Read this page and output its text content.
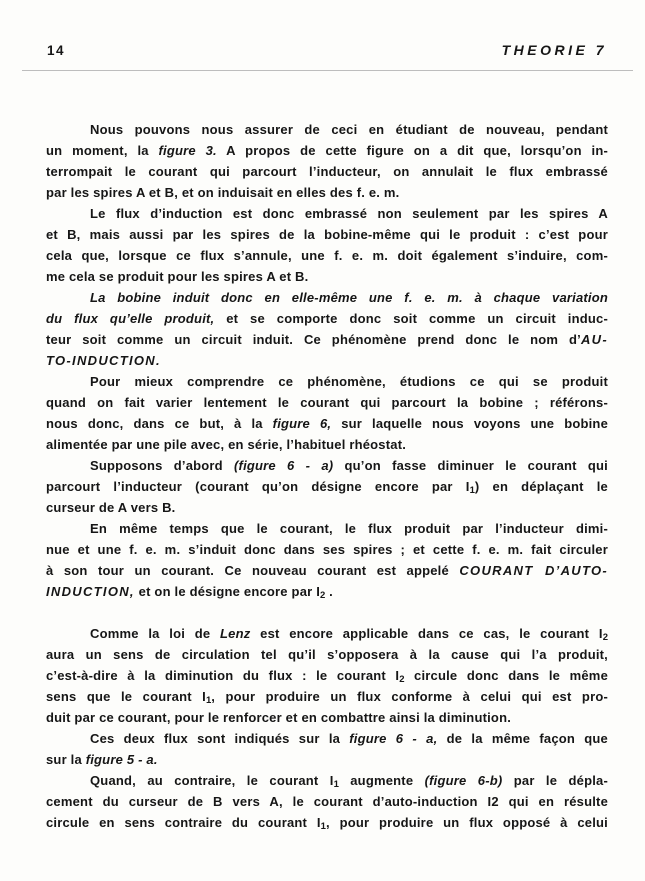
14	THEORIE 7
Nous pouvons nous assurer de ceci en étudiant de nouveau, pendant
un moment, la figure 3. A propos de cette figure on a dit que, lorsqu’on in-
terrompait le courant qui parcourt l’inducteur, on annulait le flux embrassé
par les spires A et B, et on induisait en elles des f. e. m.
Le flux d’induction est donc embrassé non seulement par les spires A
et B, mais aussi par les spires de la bobine-même qui le produit : c’est pour
cela que, lorsque ce flux s’annule, une f. e. m. doit également s’induire, com-
me cela se produit pour les spires A et B.
La bobine induit donc en elle-même une f. e. m. à chaque variation
du flux qu’elle produit, et se comporte donc soit comme un circuit induc-
teur soit comme un circuit induit. Ce phénomène prend donc le nom d’AU-
TO-INDUCTION.
Pour mieux comprendre ce phénomène, étudions ce qui se produit
quand on fait varier lentement le courant qui parcourt la bobine ; référons-
nous donc, dans ce but, à la figure 6, sur laquelle nous voyons une bobine
alimentée par une pile avec, en série, l’habituel rhéostat.
Supposons d’abord (figure 6 - a) qu’on fasse diminuer le courant qui
parcourt l’inducteur (courant qu’on désigne encore par $I_1$) en déplaçant le
curseur de A vers B.
En même temps que le courant, le flux produit par l’inducteur dimi-
nue et une f. e. m. s’induit donc dans ses spires ; et cette f. e. m. fait circuler
à son tour un courant. Ce nouveau courant est appelé COURANT D’AUTO-
INDUCTION, et on le désigne encore par $I_2$ .
Comme la loi de Lenz est encore applicable dans ce cas, le courant $I_2$
aura un sens de circulation tel qu’il s’opposera à la cause qui l’a produit,
c’est-à-dire à la diminution du flux : le courant $I_2$ circule donc dans le même
sens que le courant $I_1$, pour produire un flux conforme à celui qui est pro-
duit par ce courant, pour le renforcer et en combattre ainsi la diminution.
Ces deux flux sont indiqués sur la figure 6 - a, de la même façon que
sur la figure 5 - a.
Quand, au contraire, le courant $I_1$ augmente (figure 6-b) par le dépla-
cement du curseur de B vers A, le courant d’auto-induction I2 qui en résulte
circule en sens contraire du courant $I_1$, pour produire un flux opposé à celui
